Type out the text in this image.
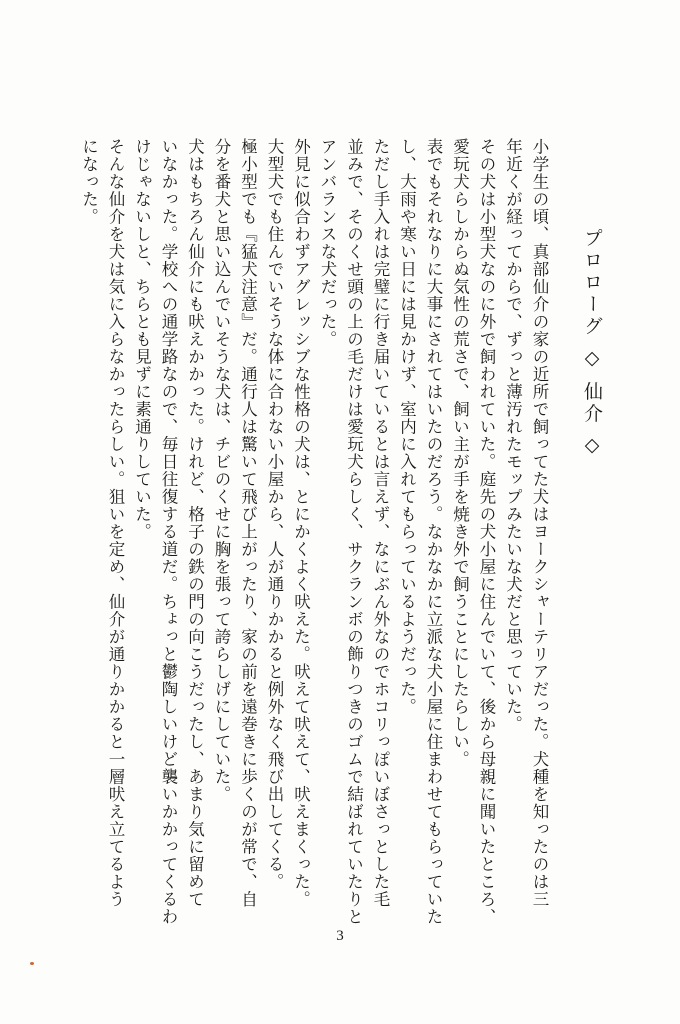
プロローグ ◇ 仙介 ◇

小学生の頃、真部仙介の家の近所で飼ってた犬はヨークシャーテリアだった。犬種を知ったのは三

年近くが経ってからで、ずっと薄汚れたモップみたいな犬だと思っていた。

その犬は小型犬なのに外で飼われていた。庭先の犬小屋に住んでいて、後から母親に聞いたところ、

愛玩犬らしからぬ気性の荒さで、飼い主が手を焼き外で飼うことにしたらしい。

表でもそれなりに大事にされてはいたのだろう。なかなかに立派な犬小屋に住まわせてもらっていた

し、大雨や寒い日には見かけず、室内に入れてもらっているようだった。

ただし手入れは完璧に行き届いているとは言えず、なにぶん外なのでホコリっぽいぼさっとした毛

並みで、そのくせ頭の上の毛だけは愛玩犬らしく、サクランボの飾りつきのゴムで結ばれていたりと

アンバランスな犬だった。

外見に似合わずアグレッシブな性格の犬は、とにかくよく吠えた。吠えて吠えて、吠えまくった。

大型犬でも住んでいそうな体に合わない小屋から、人が通りかかると例外なく飛び出してくる。

極小型でも『猛犬注意』だ。通行人は驚いて飛び上がったり、家の前を遠巻きに歩くのが常で、自

分を番犬と思い込んでいそうな犬は、チビのくせに胸を張って誇らしげにしていた。

犬はもちろん仙介にも吠えかかった。けれど、格子の鉄の門の向こうだったし、あまり気に留めて

いなかった。学校への通学路なので、毎日往復する道だ。ちょっと鬱陶しいけど襲いかかってくるわ

けじゃないしと、ちらとも見ずに素通りしていた。

そんな仙介を犬は気に入らなかったらしい。狙いを定め、仙介が通りかかると一層吠え立てるよう

になった。

3
